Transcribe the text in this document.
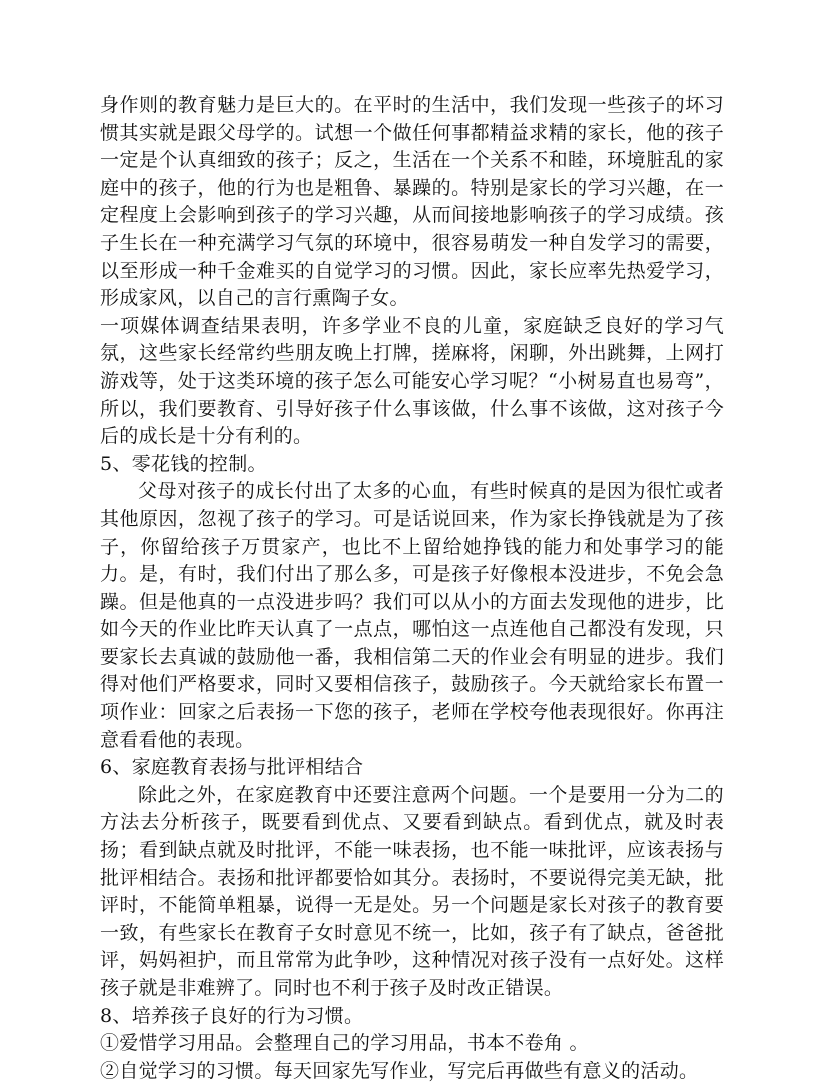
身作则的教育魅力是巨大的。在平时的生活中，我们发现一些孩子的坏习惯其实就是跟父母学的。试想一个做任何事都精益求精的家长，他的孩子一定是个认真细致的孩子；反之，生活在一个关系不和睦，环境脏乱的家庭中的孩子，他的行为也是粗鲁、暴躁的。特别是家长的学习兴趣，在一定程度上会影响到孩子的学习兴趣，从而间接地影响孩子的学习成绩。孩子生长在一种充满学习气氛的环境中，很容易萌发一种自发学习的需要，以至形成一种千金难买的自觉学习的习惯。因此，家长应率先热爱学习，形成家风，以自己的言行熏陶子女。

一项媒体调查结果表明，许多学业不良的儿童，家庭缺乏良好的学习气氛，这些家长经常约些朋友晚上打牌，搓麻将，闲聊，外出跳舞，上网打游戏等，处于这类环境的孩子怎么可能安心学习呢？“小树易直也易弯”，所以，我们要教育、引导好孩子什么事该做，什么事不该做，这对孩子今后的成长是十分有利的。

5、零花钱的控制。

父母对孩子的成长付出了太多的心血，有些时候真的是因为很忙或者其他原因，忽视了孩子的学习。可是话说回来，作为家长挣钱就是为了孩子，你留给孩子万贯家产，也比不上留给她挣钱的能力和处事学习的能力。是，有时，我们付出了那么多，可是孩子好像根本没进步，不免会急躁。但是他真的一点没进步吗？我们可以从小的方面去发现他的进步，比如今天的作业比昨天认真了一点点，哪怕这一点连他自己都没有发现，只要家长去真诚的鼓励他一番，我相信第二天的作业会有明显的进步。我们得对他们严格要求，同时又要相信孩子，鼓励孩子。今天就给家长布置一项作业：回家之后表扬一下您的孩子，老师在学校夸他表现很好。你再注意看看他的表现。

6、家庭教育表扬与批评相结合

除此之外，在家庭教育中还要注意两个问题。一个是要用一分为二的方法去分析孩子，既要看到优点、又要看到缺点。看到优点，就及时表扬；看到缺点就及时批评，不能一味表扬，也不能一味批评，应该表扬与批评相结合。表扬和批评都要恰如其分。表扬时，不要说得完美无缺，批评时，不能简单粗暴，说得一无是处。另一个问题是家长对孩子的教育要一致，有些家长在教育子女时意见不统一，比如，孩子有了缺点，爸爸批评，妈妈袒护，而且常常为此争吵，这种情况对孩子没有一点好处。这样孩子就是非难辨了。同时也不利于孩子及时改正错误。

8、培养孩子良好的行为习惯。

①爱惜学习用品。会整理自己的学习用品，书本不卷角 。

②自觉学习的习惯。每天回家先写作业，写完后再做些有意义的活动。
